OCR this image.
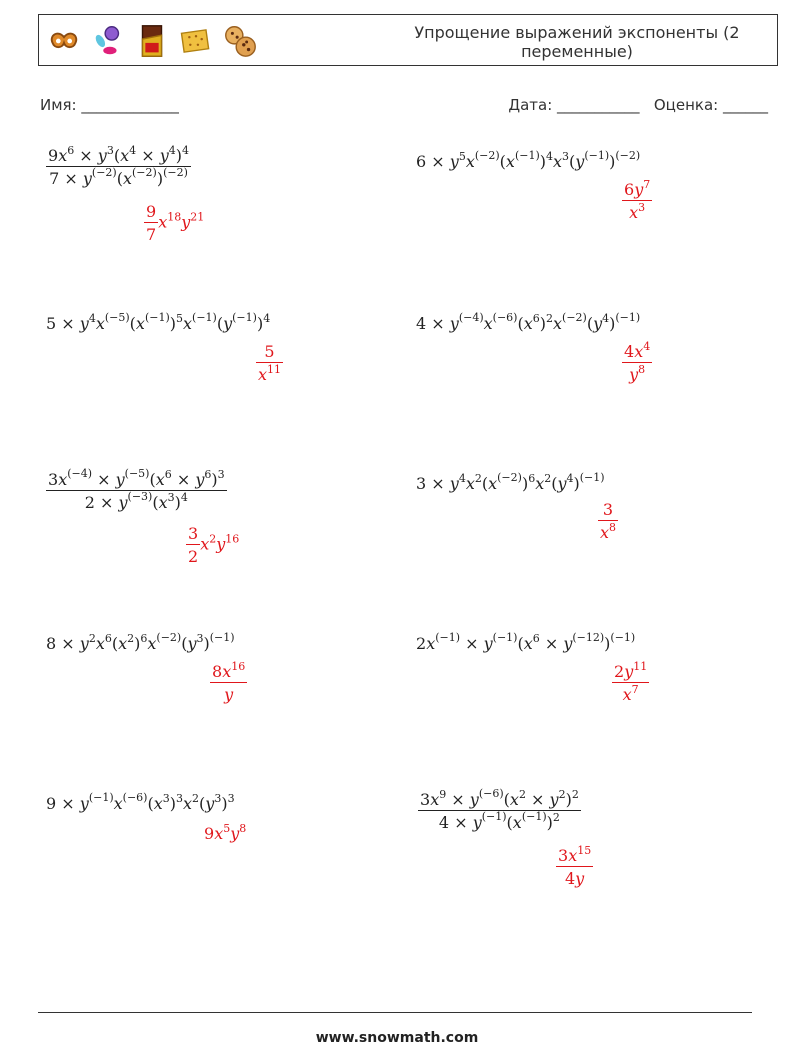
Упрощение выражений экспоненты (2 переменные)
Имя: _____________	Дата: ___________ Оценка: ______
$\frac{9x^6 \times y^3(x^4 \times y^4)^4}{7 \times y^{(-2)}(x^{(-2)})^{(-2)}}$
$\frac{9}{7} x^{18}y^{21}$
$6 \times y^5x^{(-2)}(x^{(-1)})^4x^3(y^{(-1)})^{(-2)}$
$\frac{6y^7}{x^3}$
$5 \times y^4x^{(-5)}(x^{(-1)})^5x^{(-1)}(y^{(-1)})^4$
$\frac{5}{x^{11}}$
$4 \times y^{(-4)}x^{(-6)}(x^6)^2x^{(-2)}(y^4)^{(-1)}$
$\frac{4x^4}{y^8}$
$\frac{3x^{(-4)} \times y^{(-5)}(x^6 \times y^6)^3}{2 \times y^{(-3)}(x^3)^4}$
$\frac{3}{2} x^2y^{16}$
$3 \times y^4x^2(x^{(-2)})^6x^2(y^4)^{(-1)}$
$\frac{3}{x^8}$
$8 \times y^2x^6(x^2)^6x^{(-2)}(y^3)^{(-1)}$
$\frac{8x^{16}}{y}$
$2x^{(-1)} \times y^{(-1)}(x^6 \times y^{(-12)})^{(-1)}$
$\frac{2y^{11}}{x^7}$
$9 \times y^{(-1)}x^{(-6)}(x^3)^3x^2(y^3)^3$
$9x^5y^8$	$\frac{3x^9 \times y^{(-6)}(x^2 \times y^2)^2}{4 \times y^{(-1)}(x^{(-1)})^2}$
$\frac{3x^{15}}{4y}$
www.snowmath.com
